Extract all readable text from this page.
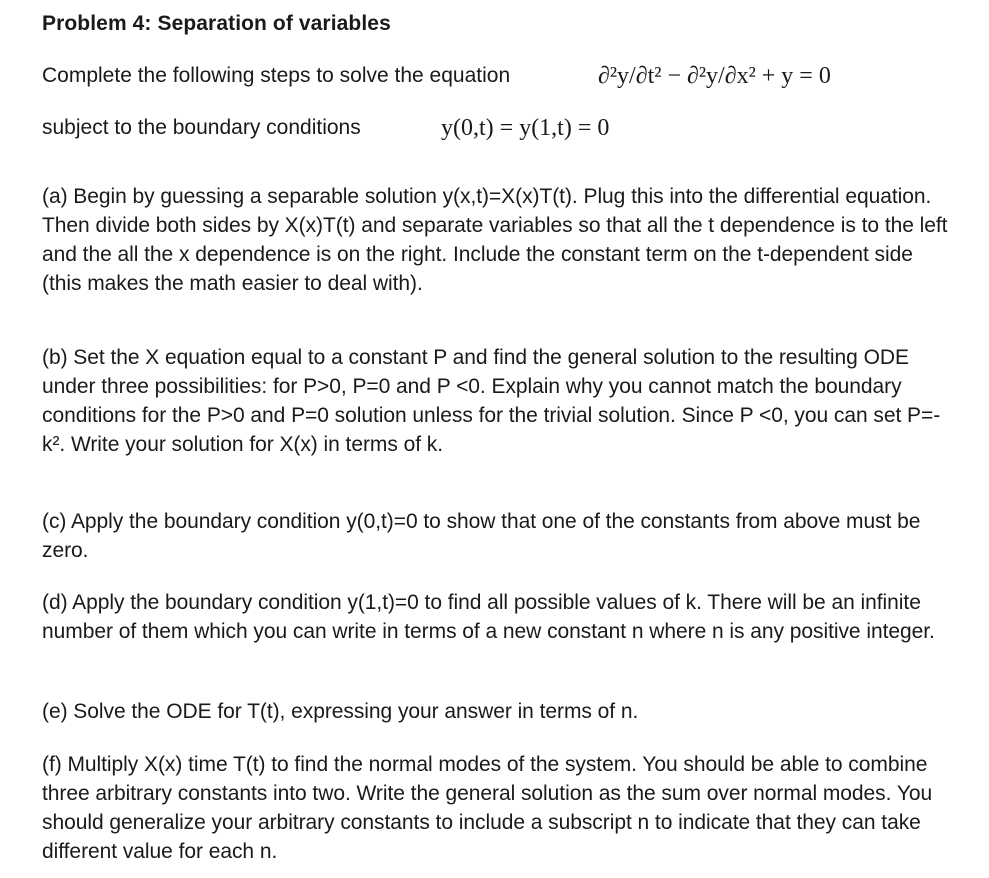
Problem 4: Separation of variables
Complete the following steps to solve the equation	∂²y/∂t² − ∂²y/∂x² + y = 0
subject to the boundary conditions	y(0,t) = y(1,t) = 0
(a) Begin by guessing a separable solution y(x,t)=X(x)T(t). Plug this into the differential equation. Then divide both sides by X(x)T(t) and separate variables so that all the t dependence is to the left and the all the x dependence is on the right. Include the constant term on the t-dependent side (this makes the math easier to deal with).
(b) Set the X equation equal to a constant P and find the general solution to the resulting ODE under three possibilities: for P>0, P=0 and P <0. Explain why you cannot match the boundary conditions for the P>0 and P=0 solution unless for the trivial solution. Since P <0, you can set P=-k². Write your solution for X(x) in terms of k.
(c) Apply the boundary condition y(0,t)=0 to show that one of the constants from above must be zero.
(d) Apply the boundary condition y(1,t)=0 to find all possible values of k. There will be an infinite number of them which you can write in terms of a new constant n where n is any positive integer.
(e) Solve the ODE for T(t), expressing your answer in terms of n.
(f) Multiply X(x) time T(t) to find the normal modes of the system. You should be able to combine three arbitrary constants into two. Write the general solution as the sum over normal modes. You should generalize your arbitrary constants to include a subscript n to indicate that they can take different value for each n.
